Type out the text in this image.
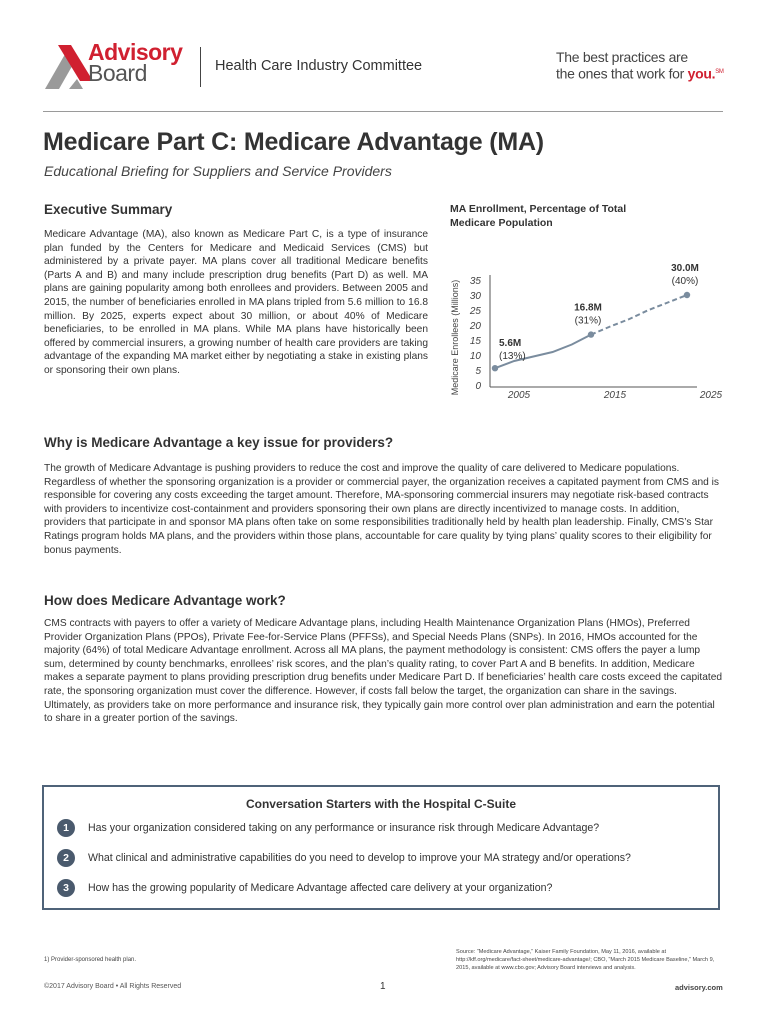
Advisory
Board	Health Care Industry Committee
The best practices are
the ones that work for you.℠
Medicare Part C: Medicare Advantage (MA)
Educational Briefing for Suppliers and Service Providers
Executive Summary

Medicare Advantage (MA), also known as Medicare Part C, is a type of insurance plan funded by the Centers for Medicare and Medicaid Services (CMS) but administered by a private payer. MA plans cover all traditional Medicare benefits (Parts A and B) and many include prescription drug benefits (Part D) as well. MA plans are gaining popularity among both enrollees and providers. Between 2005 and 2015, the number of beneficiaries enrolled in MA plans tripled from 5.6 million to 16.8 million. By 2025, experts expect about 30 million, or about 40% of Medicare beneficiaries, to be enrolled in MA plans. While MA plans have historically been offered by commercial insurers, a growing number of health care providers are taking advantage of the expanding MA market either by negotiating a stake in existing plans or sponsoring their own plans.

MA Enrollment, Percentage of Total Medicare Population
Medicare Enrollees (Millions) 0
5
10
15
20
25
30
35
2005	2015	2025
5.6M
(13%)
16.8M
(31%)
30.0M
(40%)
Why is Medicare Advantage a key issue for providers?

The growth of Medicare Advantage is pushing providers to reduce the cost and improve the quality of care delivered to Medicare populations. Regardless of whether the sponsoring organization is a provider or commercial payer, the organization receives a capitated payment from CMS and is responsible for covering any costs exceeding the target amount. Therefore, MA-sponsoring commercial insurers may negotiate risk-based contracts with providers to incentivize cost-containment and providers sponsoring their own plans are directly incentivized to manage costs. In addition, providers that participate in and sponsor MA plans often take on some responsibilities traditionally held by health plan leadership. Finally, CMS’s Star Ratings program holds MA plans, and the providers within those plans, accountable for care quality by tying plans’ quality scores to their eligibility for bonus payments.

How does Medicare Advantage work?

CMS contracts with payers to offer a variety of Medicare Advantage plans, including Health Maintenance Organization Plans (HMOs), Preferred Provider Organization Plans (PPOs), Private Fee-for-Service Plans (PFFSs), and Special Needs Plans (SNPs). In 2016, HMOs accounted for the majority (64%) of total Medicare Advantage enrollment. Across all MA plans, the payment methodology is consistent: CMS offers the payer a lump sum, determined by county benchmarks, enrollees’ risk scores, and the plan’s quality rating, to cover Part A and B benefits. In addition, Medicare makes a separate payment to plans providing prescription drug benefits under Medicare Part D. If beneficiaries’ health care costs exceed the capitated rate, the sponsoring organization must cover the difference. However, if costs fall below the target, the organization can share in the savings. Ultimately, as providers take on more performance and insurance risk, they typically gain more control over plan administration and earn the potential to share in a greater portion of the savings.

Conversation Starters with the Hospital C-Suite
1	Has your organization considered taking on any performance or insurance risk through Medicare Advantage?
2	What clinical and administrative capabilities do you need to develop to improve your MA strategy and/or operations?
3	How has the growing popularity of Medicare Advantage affected care delivery at your organization?
1) Provider-sponsored health plan.
Source: “Medicare Advantage,” Kaiser Family Foundation, May 11, 2016, available at http://kff.org/medicare/fact-sheet/medicare-advantage/; CBO, “March 2015 Medicare Baseline,” March 9, 2015, available at www.cbo.gov; Advisory Board interviews and analysis.
©2017 Advisory Board • All Rights Reserved	1	advisory.com
